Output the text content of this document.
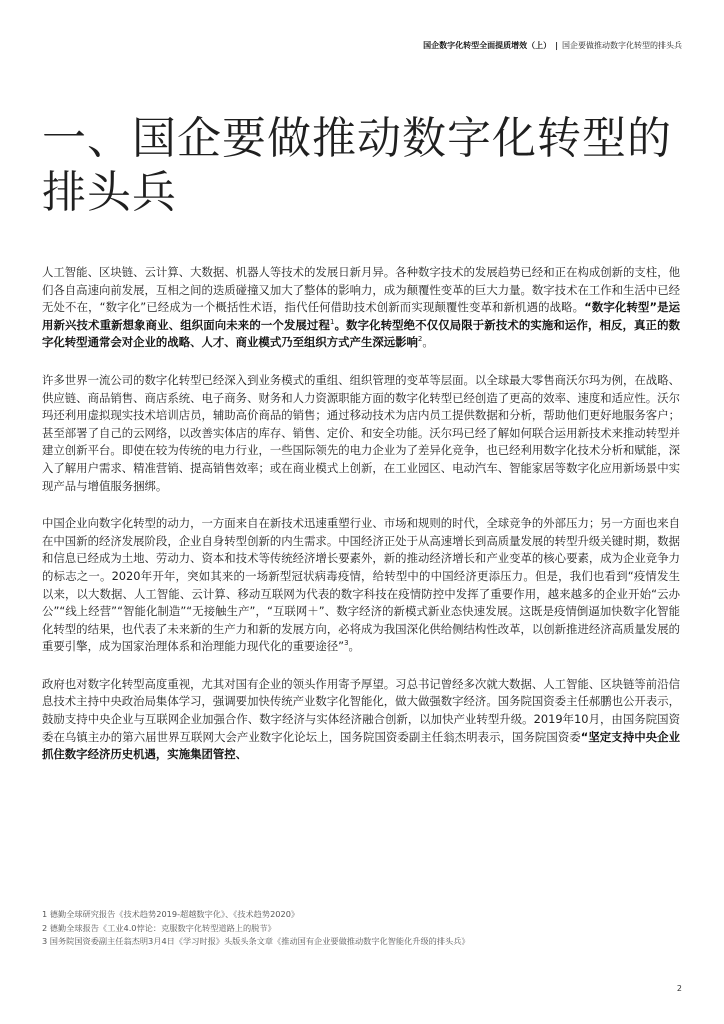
国企数字化转型全面提质增效（上） | 国企要做推动数字化转型的排头兵
一、国企要做推动数字化转型的排头兵

人工智能、区块链、云计算、大数据、机器人等技术的发展日新月异。各种数字技术的发展趋势已经和正在构成创新的支柱，他们各自高速向前发展，互相之间的迭质碰撞又加大了整体的影响力，成为颠覆性变革的巨大力量。数字技术在工作和生活中已经无处不在，“数字化”已经成为一个概括性术语，指代任何借助技术创新而实现颠覆性变革和新机遇的战略。“数字化转型”是运用新兴技术重新想象商业、组织面向未来的一个发展过程$^1$。数字化转型绝不仅仅局限于新技术的实施和运作，相反，真正的数字化转型通常会对企业的战略、人才、商业模式乃至组织方式产生深远影响$^2$。

许多世界一流公司的数字化转型已经深入到业务模式的重组、组织管理的变革等层面。以全球最大零售商沃尔玛为例，在战略、供应链、商品销售、商店系统、电子商务、财务和人力资源职能方面的数字化转型已经创造了更高的效率、速度和适应性。沃尔玛还利用虚拟现实技术培训店员，辅助高价商品的销售；通过移动技术为店内员工提供数据和分析，帮助他们更好地服务客户；甚至部署了自己的云网络，以改善实体店的库存、销售、定价、和安全功能。沃尔玛已经了解如何联合运用新技术来推动转型并建立创新平台。即使在较为传统的电力行业，一些国际领先的电力企业为了差异化竞争，也已经利用数字化技术分析和赋能，深入了解用户需求、精准营销、提高销售效率；或在商业模式上创新，在工业园区、电动汽车、智能家居等数字化应用新场景中实现产品与增值服务捆绑。

中国企业向数字化转型的动力，一方面来自在新技术迅速重塑行业、市场和规则的时代，全球竞争的外部压力；另一方面也来自在中国新的经济发展阶段，企业自身转型创新的内生需求。中国经济正处于从高速增长到高质量发展的转型升级关键时期，数据和信息已经成为土地、劳动力、资本和技术等传统经济增长要素外，新的推动经济增长和产业变革的核心要素，成为企业竞争力的标志之一。2020年开年，突如其来的一场新型冠状病毒疫情，给转型中的中国经济更添压力。但是，我们也看到“疫情发生以来，以大数据、人工智能、云计算、移动互联网为代表的数字科技在疫情防控中发挥了重要作用，越来越多的企业开始“云办公”“线上经营”“智能化制造”“无接触生产”，“互联网＋”、数字经济的新模式新业态快速发展。这既是疫情倒逼加快数字化智能化转型的结果，也代表了未来新的生产力和新的发展方向，必将成为我国深化供给侧结构性改革，以创新推进经济高质量发展的重要引擎，成为国家治理体系和治理能力现代化的重要途径”$^3$。

政府也对数字化转型高度重视，尤其对国有企业的领头作用寄予厚望。习总书记曾经多次就大数据、人工智能、区块链等前沿信息技术主持中央政治局集体学习，强调要加快传统产业数字化智能化，做大做强数字经济。国务院国资委主任郝鹏也公开表示，鼓励支持中央企业与互联网企业加强合作、数字经济与实体经济融合创新，以加快产业转型升级。2019年10月，由国务院国资委在乌镇主办的第六届世界互联网大会产业数字化论坛上，国务院国资委副主任翁杰明表示，国务院国资委“坚定支持中央企业抓住数字经济历史机遇，实施集团管控、

1 德勤全球研究报告《技术趋势2019-超越数字化》、《技术趋势2020》
2 德勤全球报告《工业4.0悖论：克服数字化转型道路上的脱节》
3 国务院国资委副主任翁杰明3月4日《学习时报》头版头条文章《推动国有企业要做推动数字化智能化升级的排头兵》
2
